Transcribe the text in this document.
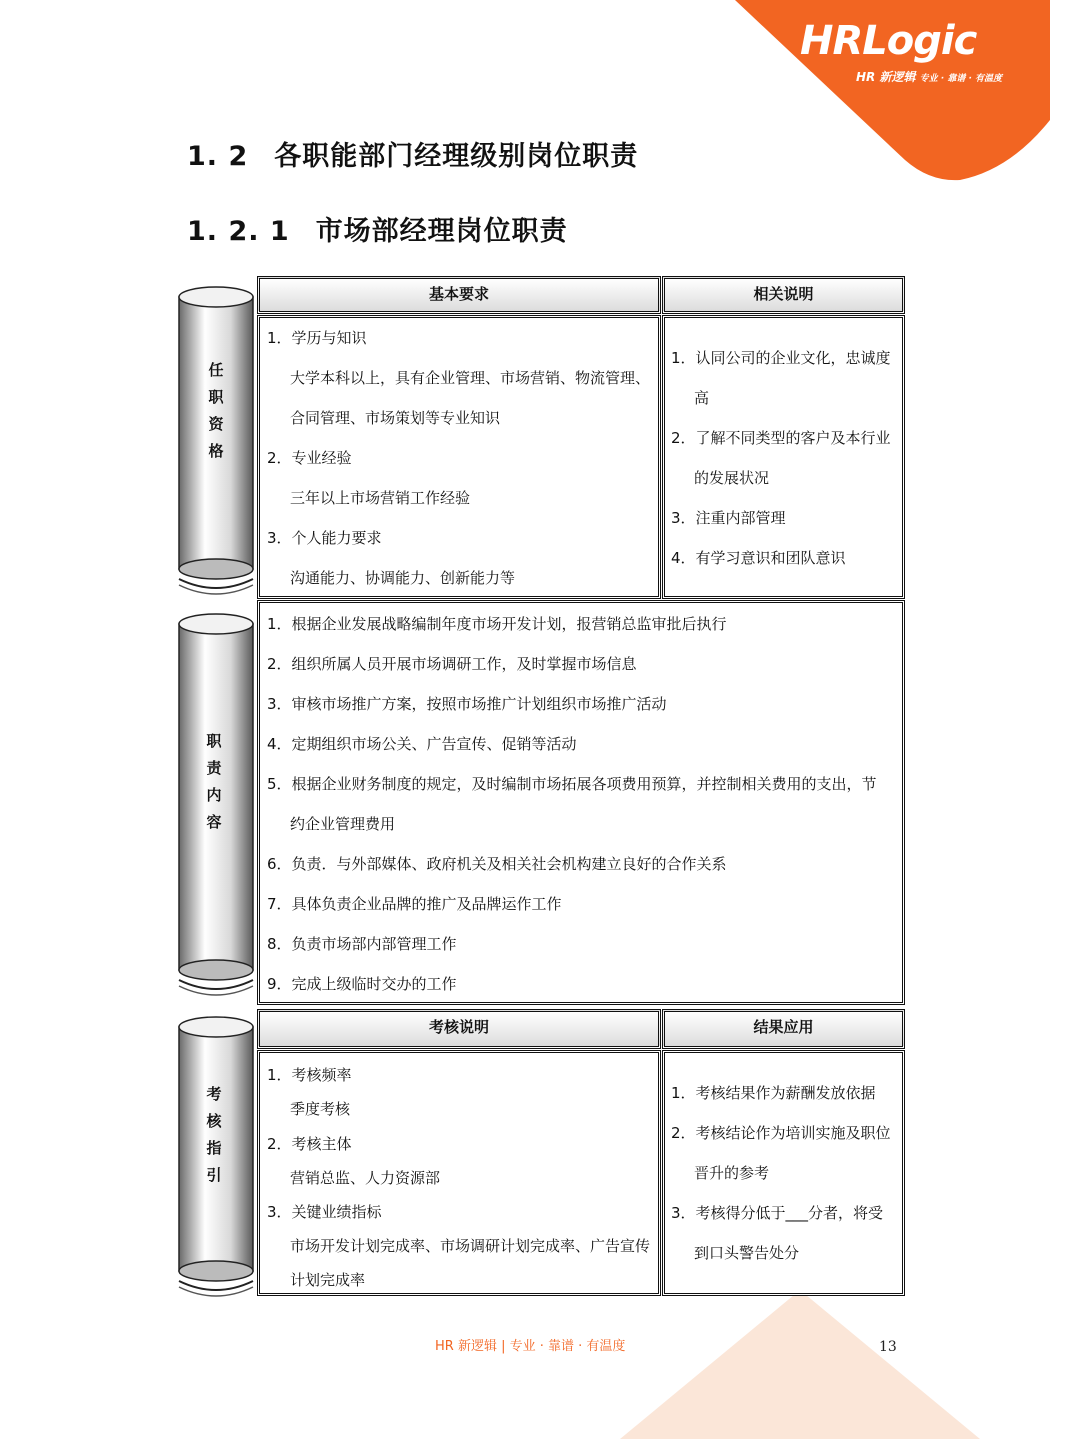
HRLogic
HR 新逻辑 专业 · 靠谱 · 有温度
1. 2 各职能部门经理级别岗位职责
1. 2. 1 市场部经理岗位职责
任
职
资
格
基本要求	相关说明
1．学历与知识
大学本科以上，具有企业管理、市场营销、物流管理、
合同管理、市场策划等专业知识
2．专业经验
三年以上市场营销工作经验
3．个人能力要求
沟通能力、协调能力、创新能力等
1．认同公司的企业文化，忠诚度
高
2．了解不同类型的客户及本行业
的发展状况
3．注重内部管理
4．有学习意识和团队意识
职
责
内
容
1．根据企业发展战略编制年度市场开发计划，报营销总监审批后执行
2．组织所属人员开展市场调研工作，及时掌握市场信息
3．审核市场推广方案，按照市场推广计划组织市场推广活动
4．定期组织市场公关、广告宣传、促销等活动
5．根据企业财务制度的规定，及时编制市场拓展各项费用预算，并控制相关费用的支出，节
约企业管理费用
6．负责．与外部媒体、政府机关及相关社会机构建立良好的合作关系
7．具体负责企业品牌的推广及品牌运作工作
8．负责市场部内部管理工作
9．完成上级临时交办的工作
考
核
指
引
考核说明	结果应用
1．考核频率
季度考核
2．考核主体
营销总监、人力资源部
3．关键业绩指标
市场开发计划完成率、市场调研计划完成率、广告宣传
计划完成率
1．考核结果作为薪酬发放依据
2．考核结论作为培训实施及职位
晋升的参考
3．考核得分低于___分者，将受
到口头警告处分
HR 新逻辑 | 专业 · 靠谱 · 有温度	13
